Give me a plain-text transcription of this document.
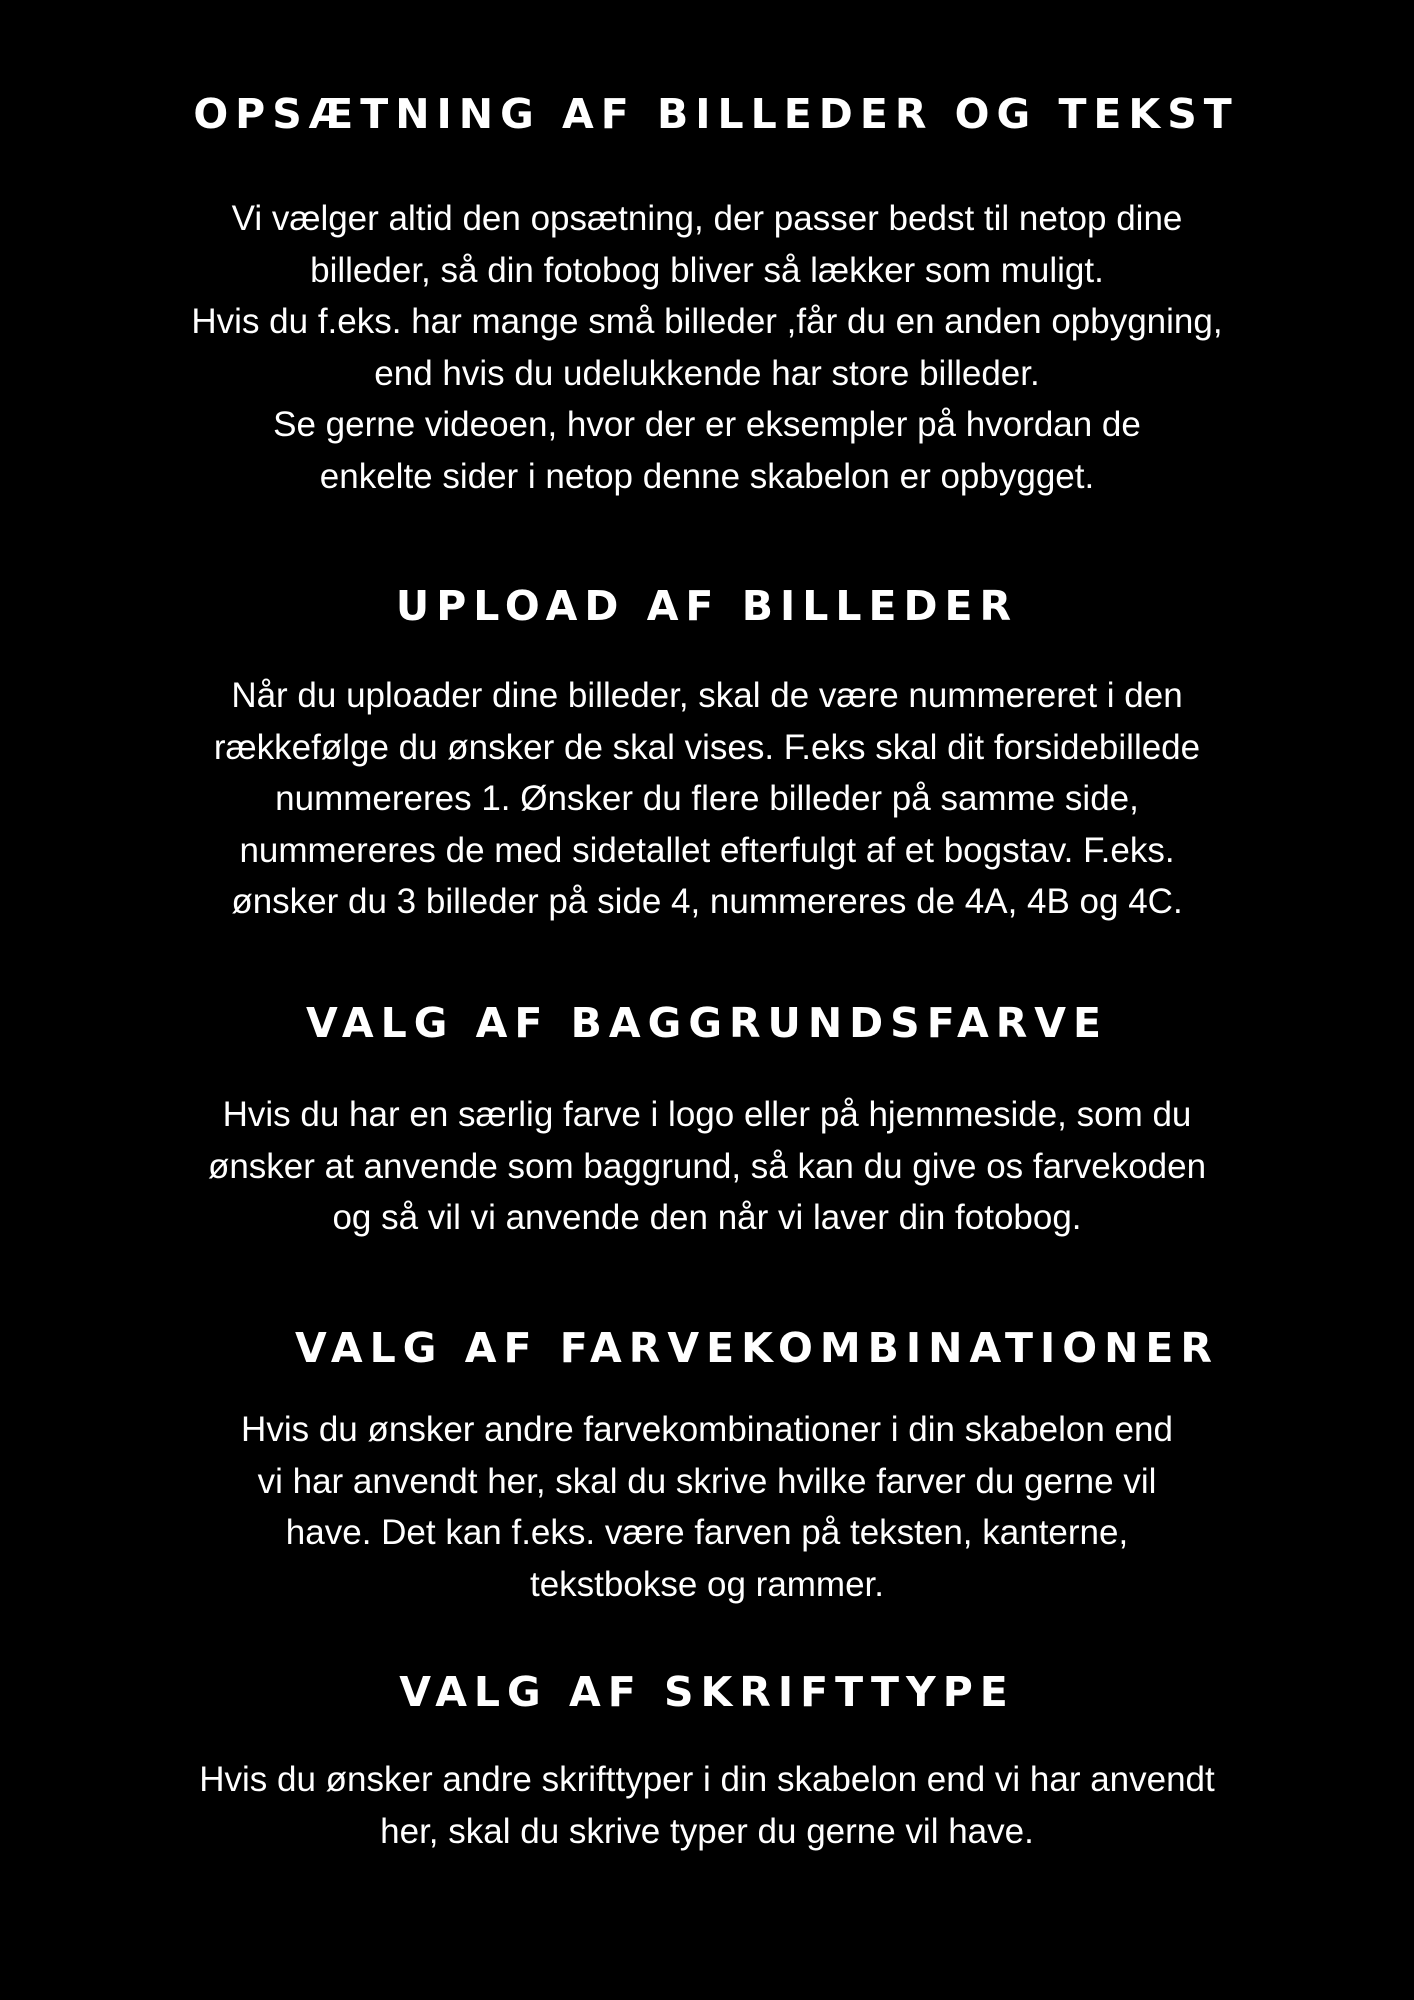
OPSÆTNING AF BILLEDER OG TEKST

Vi vælger altid den opsætning, der passer bedst til netop dine
billeder, så din fotobog bliver så lækker som muligt.
Hvis du f.eks. har mange små billeder ,får du en anden opbygning,
end hvis du udelukkende har store billeder.
Se gerne videoen, hvor der er eksempler på hvordan de
enkelte sider i netop denne skabelon er opbygget.

UPLOAD AF BILLEDER

Når du uploader dine billeder, skal de være nummereret i den
rækkefølge du ønsker de skal vises. F.eks skal dit forsidebillede
nummereres 1. Ønsker du flere billeder på samme side,
nummereres de med sidetallet efterfulgt af et bogstav. F.eks.
ønsker du 3 billeder på side 4, nummereres de 4A, 4B og 4C.

VALG AF BAGGRUNDSFARVE

Hvis du har en særlig farve i logo eller på hjemmeside, som du
ønsker at anvende som baggrund, så kan du give os farvekoden
og så vil vi anvende den når vi laver din fotobog.

VALG AF FARVEKOMBINATIONER

Hvis du ønsker andre farvekombinationer i din skabelon end
vi har anvendt her, skal du skrive hvilke farver du gerne vil
have. Det kan f.eks. være farven på teksten, kanterne,
tekstbokse og rammer.

VALG AF SKRIFTTYPE

Hvis du ønsker andre skrifttyper i din skabelon end vi har anvendt
her, skal du skrive typer du gerne vil have.
